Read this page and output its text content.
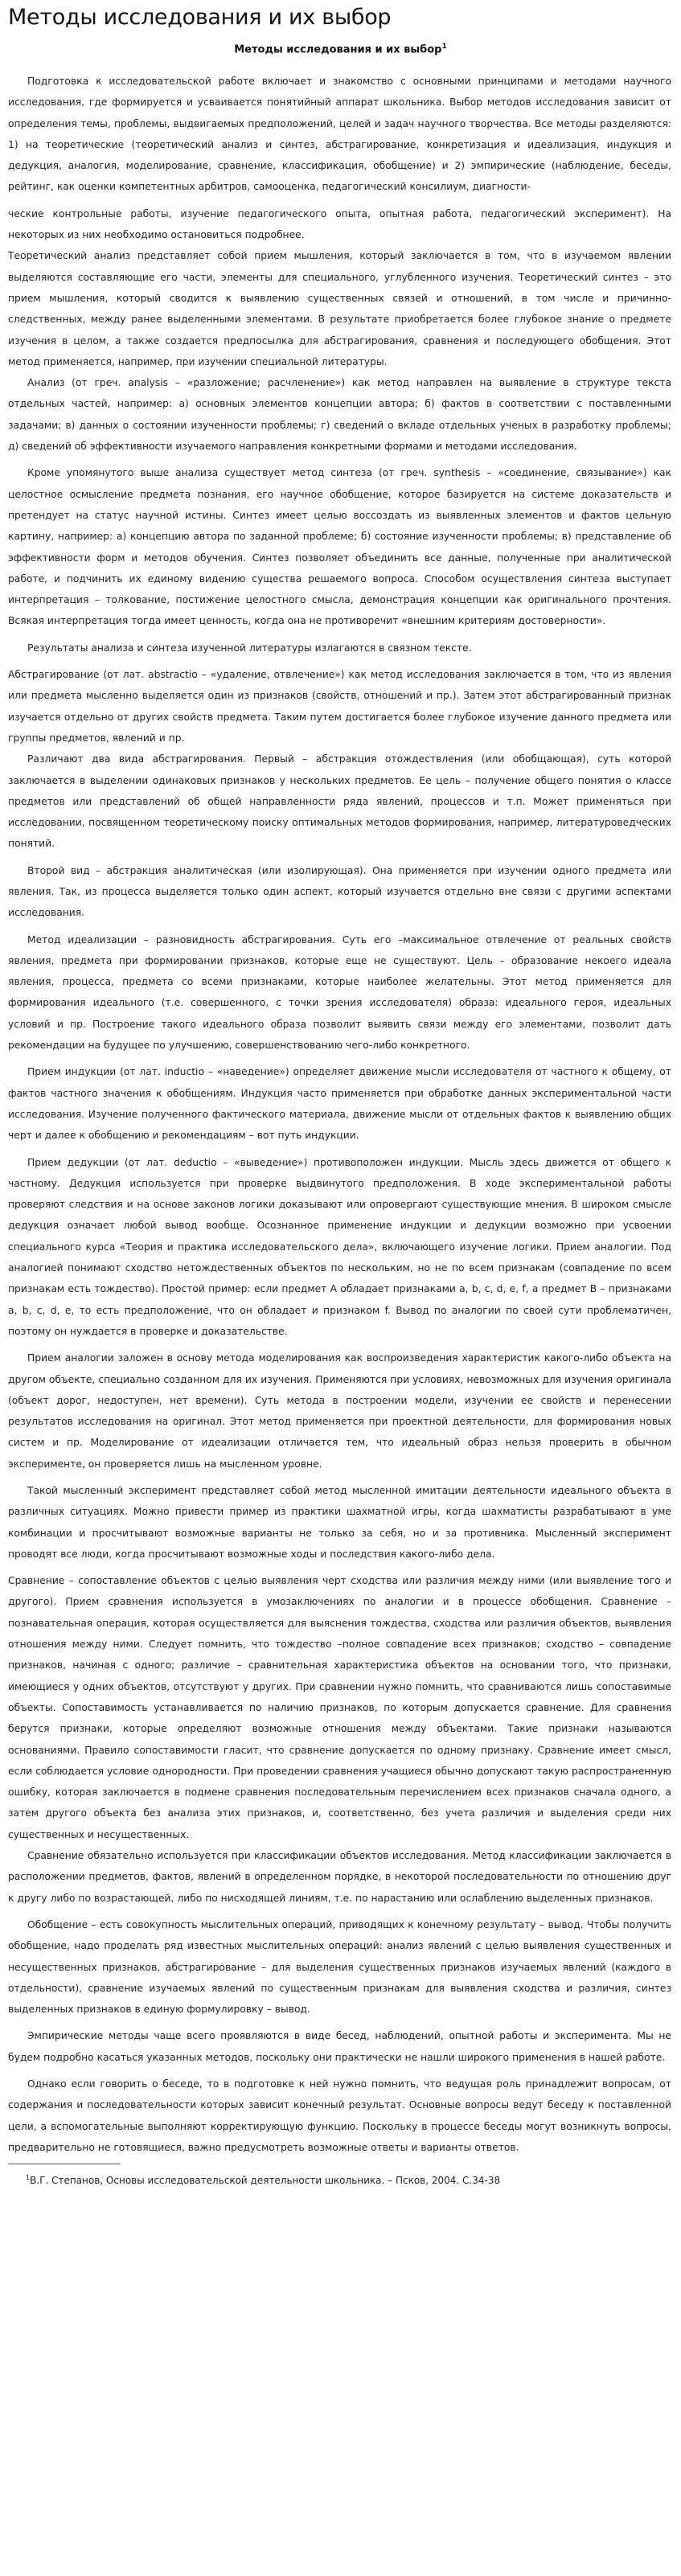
Методы исследования и их выбор
Методы исследования и их выбор$^1$

Подготовка к исследовательской работе включает и знакомство с основными принципами и методами научного исследования, где формируется и усваивается понятийный аппарат школьника. Выбор методов исследования зависит от определения темы, проблемы, выдвигаемых предположений, целей и задач научного творчества. Все методы разделяются: 1) на теоретические (теоретический анализ и синтез, абстрагирование, конкретизация и идеализация, индукция и дедукция, аналогия, моделирование, сравнение, классификация, обобщение) и 2) эмпирические (наблюдение, беседы, рейтинг, как оценки компетентных арбитров, самооценка, педагогический консилиум, диагности-

ческие контрольные работы, изучение педагогического опыта, опытная работа, педагогический эксперимент). На некоторых из них необходимо остановиться подробнее.

Теоретический анализ представляет собой прием мышления, который заключается в том, что в изучаемом явлении выделяются составляющие его части, элементы для специального, углубленного изучения. Теоретический синтез – это прием мышления, который сводится к выявлению существенных связей и отношений, в том числе и причинно-следственных, между ранее выделенными элементами. В результате приобретается более глубокое знание о предмете изучения в целом, а также создается предпосылка для абстрагирования, сравнения и последующего обобщения. Этот метод применяется, например, при изучении специальной литературы.

Анализ (от греч. analysis – «разложение; расчленение») как метод направлен на выявление в структуре текста отдельных частей, например: а) основных элементов концепции автора; б) фактов в соответствии с поставленными задачами; в) данных о состоянии изученности проблемы; г) сведений о вкладе отдельных ученых в разработку проблемы; д) сведений об эффективности изучаемого направления конкретными формами и методами исследования.

Кроме упомянутого выше анализа существует метод синтеза (от греч. synthesis – «соединение, связывание») как целостное осмысление предмета познания, его научное обобщение, которое базируется на системе доказательств и претендует на статус научной истины. Синтез имеет целью воссоздать из выявленных элементов и фактов цельную картину, например: а) концепцию автора по заданной проблеме; б) состояние изученности проблемы; в) представление об эффективности форм и методов обучения. Синтез позволяет объединить все данные, полученные при аналитической работе, и подчинить их единому видению существа решаемого вопроса. Способом осуществления синтеза выступает интерпретация – толкование, постижение целостного смысла, демонстрация концепции как оригинального прочтения. Всякая интерпретация тогда имеет ценность, когда она не противоречит «внешним критериям достоверности».

Результаты анализа и синтеза изученной литературы излагаются в связном тексте.

Абстрагирование (от лат. abstractio – «удаление, отвлечение») как метод исследования заключается в том, что из явления или предмета мысленно выделяется один из признаков (свойств, отношений и пр.). Затем этот абстрагированный признак изучается отдельно от других свойств предмета. Таким путем достигается более глубокое изучение данного предмета или группы предметов, явлений и пр.

Различают два вида абстрагирования. Первый – абстракция отождествления (или обобщающая), суть которой заключается в выделении одинаковых признаков у нескольких предметов. Ее цель – получение общего понятия о классе предметов или представлений об общей направленности ряда явлений, процессов и т.п. Может применяться при исследовании, посвященном теоретическому поиску оптимальных методов формирования, например, литературоведческих понятий.

Второй вид – абстракция аналитическая (или изолирующая). Она применяется при изучении одного предмета или явления. Так, из процесса выделяется только один аспект, который изучается отдельно вне связи с другими аспектами исследования.

Метод идеализации – разновидность абстрагирования. Суть его –максимальное отвлечение от реальных свойств явления, предмета при формировании признаков, которые еще не существуют. Цель – образование некоего идеала явления, процесса, предмета со всеми признаками, которые наиболее желательны. Этот метод применяется для формирования идеального (т.е. совершенного, с точки зрения исследователя) образа: идеального героя, идеальных условий и пр. Построение такого идеального образа позволит выявить связи между его элементами, позволит дать рекомендации на будущее по улучшению, совершенствованию чего-либо конкретного.

Прием индукции (от лат. inductio – «наведение») определяет движение мысли исследователя от частного к общему, от фактов частного значения к обобщениям. Индукция часто применяется при обработке данных экспериментальной части исследования. Изучение полученного фактического материала, движение мысли от отдельных фактов к выявлению общих черт и далее к обобщению и рекомендациям – вот путь индукции.

Прием дедукции (от лат. deductio – «выведение») противоположен индукции. Мысль здесь движется от общего к частному. Дедукция используется при проверке выдвинутого предположения. В ходе экспериментальной работы проверяют следствия и на основе законов логики доказывают или опровергают существующие мнения. В широком смысле дедукция означает любой вывод вообще. Осознанное применение индукции и дедукции возможно при усвоении специального курса «Теория и практика исследовательского дела», включающего изучение логики. Прием аналогии. Под аналогией понимают сходство нетождественных объектов по нескольким, но не по всем признакам (совпадение по всем признакам есть тождество). Простой пример: если предмет А обладает признаками а, b, c, d, e, f, а предмет В – признаками а, b, с, d, е, то есть предположение, что он обладает и признаком f. Вывод по аналогии по своей сути проблематичен, поэтому он нуждается в проверке и доказательстве.

Прием аналогии заложен в основу метода моделирования как воспроизведения характеристик какого-либо объекта на другом объекте, специально созданном для их изучения. Применяются при условиях, невозможных для изучения оригинала (объект дорог, недоступен, нет времени). Суть метода в построении модели, изучении ее свойств и перенесении результатов исследования на оригинал. Этот метод применяется при проектной деятельности, для формирования новых систем и пр. Моделирование от идеализации отличается тем, что идеальный образ нельзя проверить в обычном эксперименте, он проверяется лишь на мысленном уровне.

Такой мысленный эксперимент представляет собой метод мысленной имитации деятельности идеального объекта в различных ситуациях. Можно привести пример из практики шахматной игры, когда шахматисты разрабатывают в уме комбинации и просчитывают возможные варианты не только за себя, но и за противника. Мысленный эксперимент проводят все люди, когда просчитывают возможные ходы и последствия какого-либо дела.

Сравнение – сопоставление объектов с целью выявления черт сходства или различия между ними (или выявление того и другого). Прием сравнения используется в умозаключениях по аналогии и в процессе обобщения. Сравнение – познавательная операция, которая осуществляется для выяснения тождества, сходства или различия объектов, выявления отношения между ними. Следует помнить, что тождество –полное совпадение всех признаков; сходство – совпадение признаков, начиная с одного; различие – сравнительная характеристика объектов на основании того, что признаки, имеющиеся у одних объектов, отсутствуют у других. При сравнении нужно помнить, что сравниваются лишь сопоставимые объекты. Сопоставимость устанавливается по наличию признаков, по которым допускается сравнение. Для сравнения берутся признаки, которые определяют возможные отношения между объектами. Такие признаки называются основаниями. Правило сопоставимости гласит, что сравнение допускается по одному признаку. Сравнение имеет смысл, если соблюдается условие однородности. При проведении сравнения учащиеся обычно допускают такую распространенную ошибку, которая заключается в подмене сравнения последовательным перечислением всех признаков сначала одного, а затем другого объекта без анализа этих признаков, и, соответственно, без учета различия и выделения среди них существенных и несущественных.

Сравнение обязательно используется при классификации объектов исследования. Метод классификации заключается в расположении предметов, фактов, явлений в определенном порядке, в некоторой последовательности по отношению друг к другу либо по возрастающей, либо по нисходящей линиям, т.е. по нарастанию или ослаблению выделенных признаков.

Обобщение – есть совокупность мыслительных операций, приводящих к конечному результату – вывод. Чтобы получить обобщение, надо проделать ряд известных мыслительных операций: анализ явлений с целью выявления существенных и несущественных признаков, абстрагирование – для выделения существенных признаков изучаемых явлений (каждого в отдельности), сравнение изучаемых явлений по существенным признакам для выявления сходства и различия, синтез выделенных признаков в единую формулировку – вывод.

Эмпирические методы чаще всего проявляются в виде бесед, наблюдений, опытной работы и эксперимента. Мы не будем подробно касаться указанных методов, поскольку они практически не нашли широкого применения в нашей работе.

Однако если говорить о беседе, то в подготовке к ней нужно помнить, что ведущая роль принадлежит вопросам, от содержания и последовательности которых зависит конечный результат. Основные вопросы ведут беседу к поставленной цели, а вспомогательные выполняют корректирующую функцию. Поскольку в процессе беседы могут возникнуть вопросы, предварительно не готовящиеся, важно предусмотреть возможные ответы и варианты ответов.

$^1$В.Г. Степанов, Основы исследовательской деятельности школьника. – Псков, 2004. С.34-38
